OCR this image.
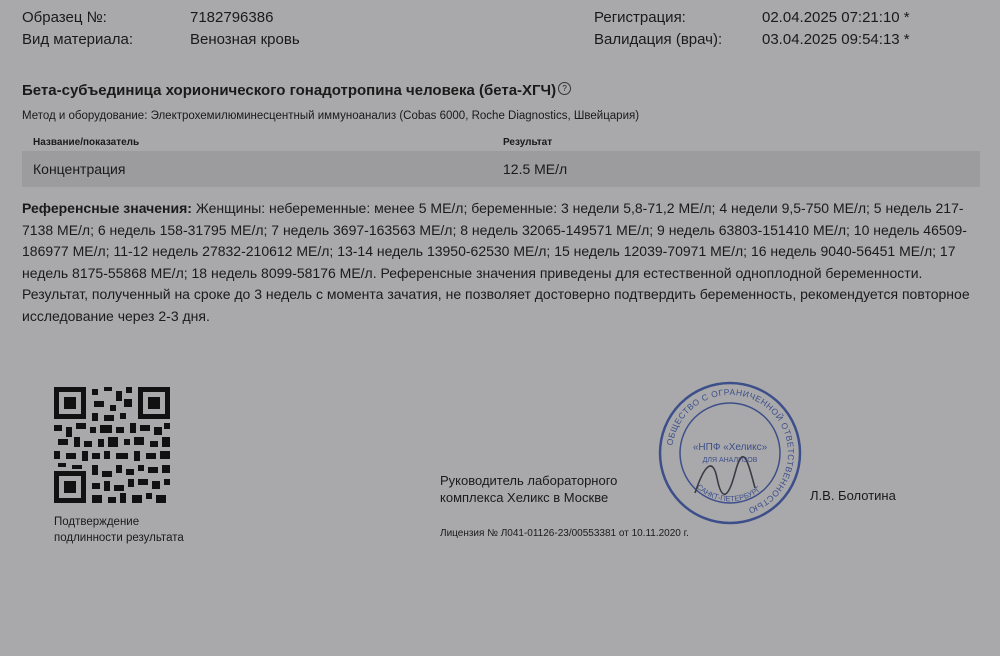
Образец №:	7182796386
Вид материала:	Венозная кровь
Регистрация:	02.04.2025 07:21:10 *
Валидация (врач):	03.04.2025 09:54:13 *
Бета-субъединица хорионического гонадотропина человека (бета-ХГЧ) ?
Метод и оборудование: Электрохемилюминесцентный иммуноанализ (Cobas 6000, Roche Diagnostics, Швейцария)
Название/показатель	Результат
Концентрация	12.5 МЕ/л
Референсные значения: Женщины: небеременные: менее 5 МЕ/л; беременные: 3 недели 5,8-71,2 МЕ/л; 4 недели 9,5-750 МЕ/л; 5 недель 217-7138 МЕ/л; 6 недель 158-31795 МЕ/л; 7 недель 3697-163563 МЕ/л; 8 недель 32065-149571 МЕ/л; 9 недель 63803-151410 МЕ/л; 10 недель 46509-186977 МЕ/л; 11-12 недель 27832-210612 МЕ/л; 13-14 недель 13950-62530 МЕ/л; 15 недель 12039-70971 МЕ/л; 16 недель 9040-56451 МЕ/л; 17 недель 8175-55868 МЕ/л; 18 недель 8099-58176 МЕ/л. Референсные значения приведены для естественной одноплодной беременности. Результат, полученный на сроке до 3 недель с момента зачатия, не позволяет достоверно подтвердить беременность, рекомендуется повторное исследование через 2-3 дня.
Подтверждение
подлинности результата
Руководитель лабораторного
комплекса Хеликс в Москве
ОБЩЕСТВО С ОГРАНИЧЕННОЙ ОТВЕТСТВЕННОСТЬЮ
«НПФ «Хеликс»
ДЛЯ АНАЛИЗОВ
САНКТ-ПЕТЕРБУРГ	Л.В. Болотина
Лицензия № Л041-01126-23/00553381 от 10.11.2020 г.
